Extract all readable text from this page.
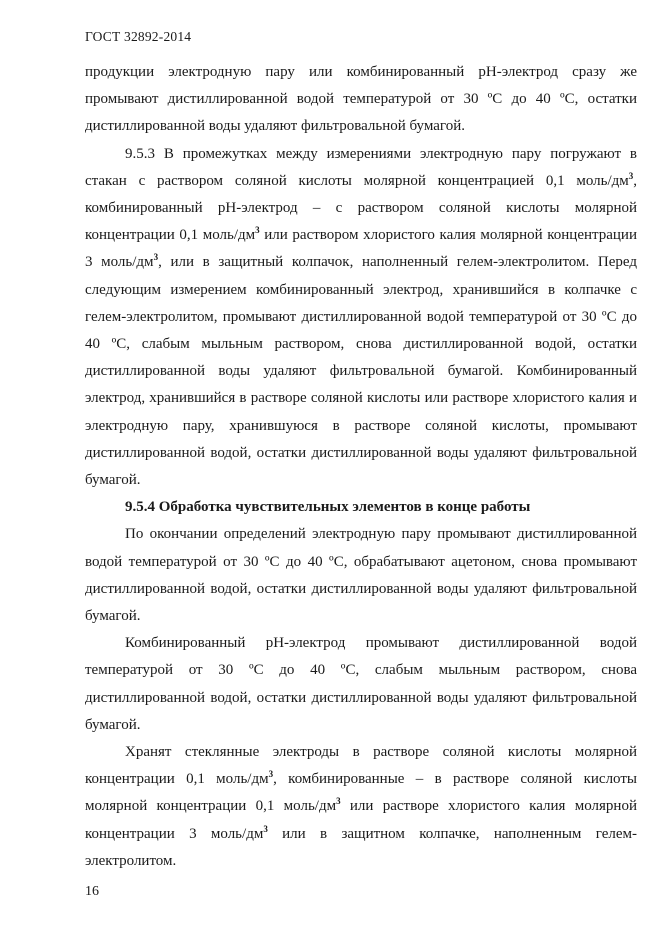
ГОСТ 32892-2014

продукции электродную пару или комбинированный pH-электрод сразу же промывают дистиллированной водой температурой от 30 ºС до 40 ºС, остатки дистиллированной воды удаляют фильтровальной бумагой.

9.5.3 В промежутках между измерениями электродную пару погружают в стакан с раствором соляной кислоты молярной концентрацией 0,1 моль/$дм^3$, комбинированный pH-электрод – с раствором соляной кислоты молярной концентрации 0,1 моль/$дм^3$ или раствором хлористого калия молярной концентрации 3 моль/$дм^3$, или в защитный колпачок, наполненный гелем-электролитом. Перед следующим измерением комбинированный электрод, хранившийся в колпачке с гелем-электролитом, промывают дистиллированной водой температурой от 30 ºС до 40 ºС, слабым мыльным раствором, снова дистиллированной водой, остатки дистиллированной воды удаляют фильтровальной бумагой. Комбинированный электрод, хранившийся в растворе соляной кислоты или растворе хлористого калия и электродную пару, хранившуюся в растворе соляной кислоты, промывают дистиллированной водой, остатки дистиллированной воды удаляют фильтровальной бумагой.

9.5.4 Обработка чувствительных элементов в конце работы

По окончании определений электродную пару промывают дистиллированной водой температурой от 30 ºС до 40 ºС, обрабатывают ацетоном, снова промывают дистиллированной водой, остатки дистиллированной воды удаляют фильтровальной бумагой.

Комбинированный pH-электрод промывают дистиллированной водой температурой от 30 ºС до 40 ºС, слабым мыльным раствором, снова дистиллированной водой, остатки дистиллированной воды удаляют фильтровальной бумагой.

Хранят стеклянные электроды в растворе соляной кислоты молярной концентрации 0,1 моль/$дм^3$, комбинированные – в растворе соляной кислоты молярной концентрации 0,1 моль/$дм^3$ или растворе хлористого калия молярной концентрации 3 моль/$дм^3$ или в защитном колпачке, наполненным гелем-электролитом.

16
